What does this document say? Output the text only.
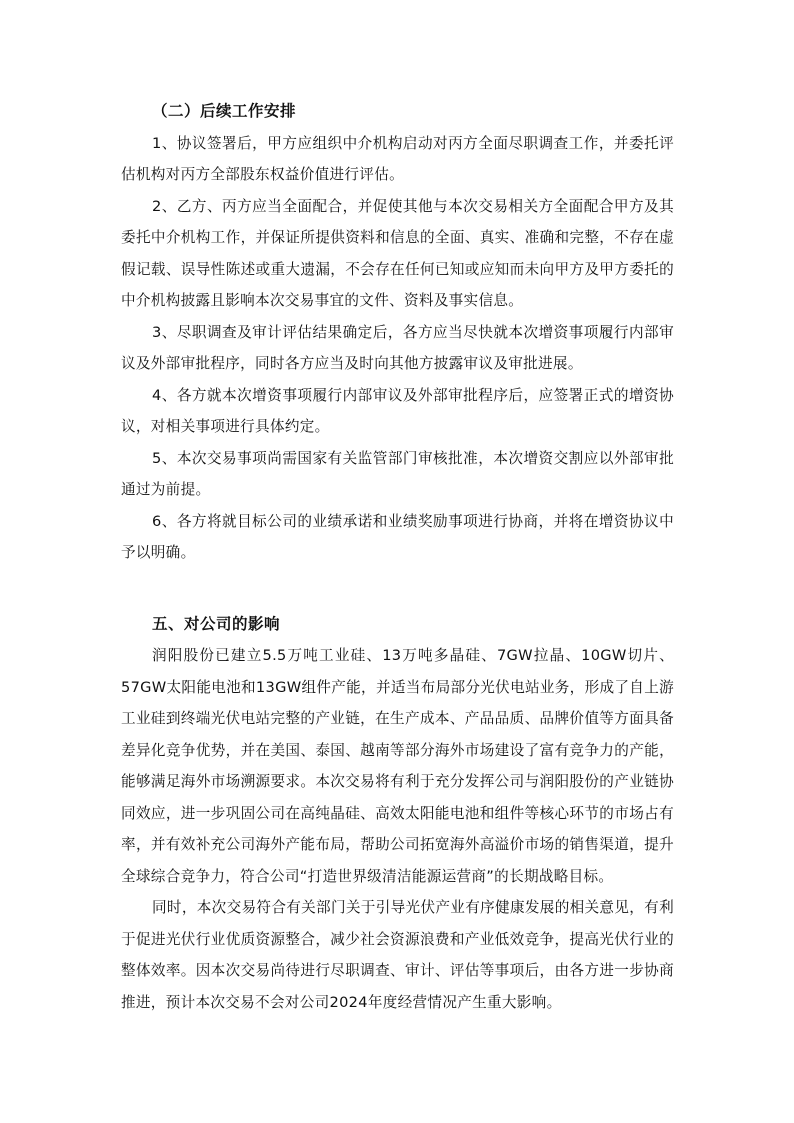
（二）后续工作安排

1、协议签署后，甲方应组织中介机构启动对丙方全面尽职调查工作，并委托评估机构对丙方全部股东权益价值进行评估。

2、乙方、丙方应当全面配合，并促使其他与本次交易相关方全面配合甲方及其委托中介机构工作，并保证所提供资料和信息的全面、真实、准确和完整，不存在虚假记载、误导性陈述或重大遗漏，不会存在任何已知或应知而未向甲方及甲方委托的中介机构披露且影响本次交易事宜的文件、资料及事实信息。

3、尽职调查及审计评估结果确定后，各方应当尽快就本次增资事项履行内部审议及外部审批程序，同时各方应当及时向其他方披露审议及审批进展。

4、各方就本次增资事项履行内部审议及外部审批程序后，应签署正式的增资协议，对相关事项进行具体约定。

5、本次交易事项尚需国家有关监管部门审核批准，本次增资交割应以外部审批通过为前提。

6、各方将就目标公司的业绩承诺和业绩奖励事项进行协商，并将在增资协议中予以明确。

五、对公司的影响

润阳股份已建立5.5万吨工业硅、13万吨多晶硅、7GW拉晶、10GW切片、57GW太阳能电池和13GW组件产能，并适当布局部分光伏电站业务，形成了自上游工业硅到终端光伏电站完整的产业链，在生产成本、产品品质、品牌价值等方面具备差异化竞争优势，并在美国、泰国、越南等部分海外市场建设了富有竞争力的产能，能够满足海外市场溯源要求。本次交易将有利于充分发挥公司与润阳股份的产业链协同效应，进一步巩固公司在高纯晶硅、高效太阳能电池和组件等核心环节的市场占有率，并有效补充公司海外产能布局，帮助公司拓宽海外高溢价市场的销售渠道，提升全球综合竞争力，符合公司“打造世界级清洁能源运营商”的长期战略目标。

同时，本次交易符合有关部门关于引导光伏产业有序健康发展的相关意见，有利于促进光伏行业优质资源整合，减少社会资源浪费和产业低效竞争，提高光伏行业的整体效率。因本次交易尚待进行尽职调查、审计、评估等事项后，由各方进一步协商推进，预计本次交易不会对公司2024年度经营情况产生重大影响。
